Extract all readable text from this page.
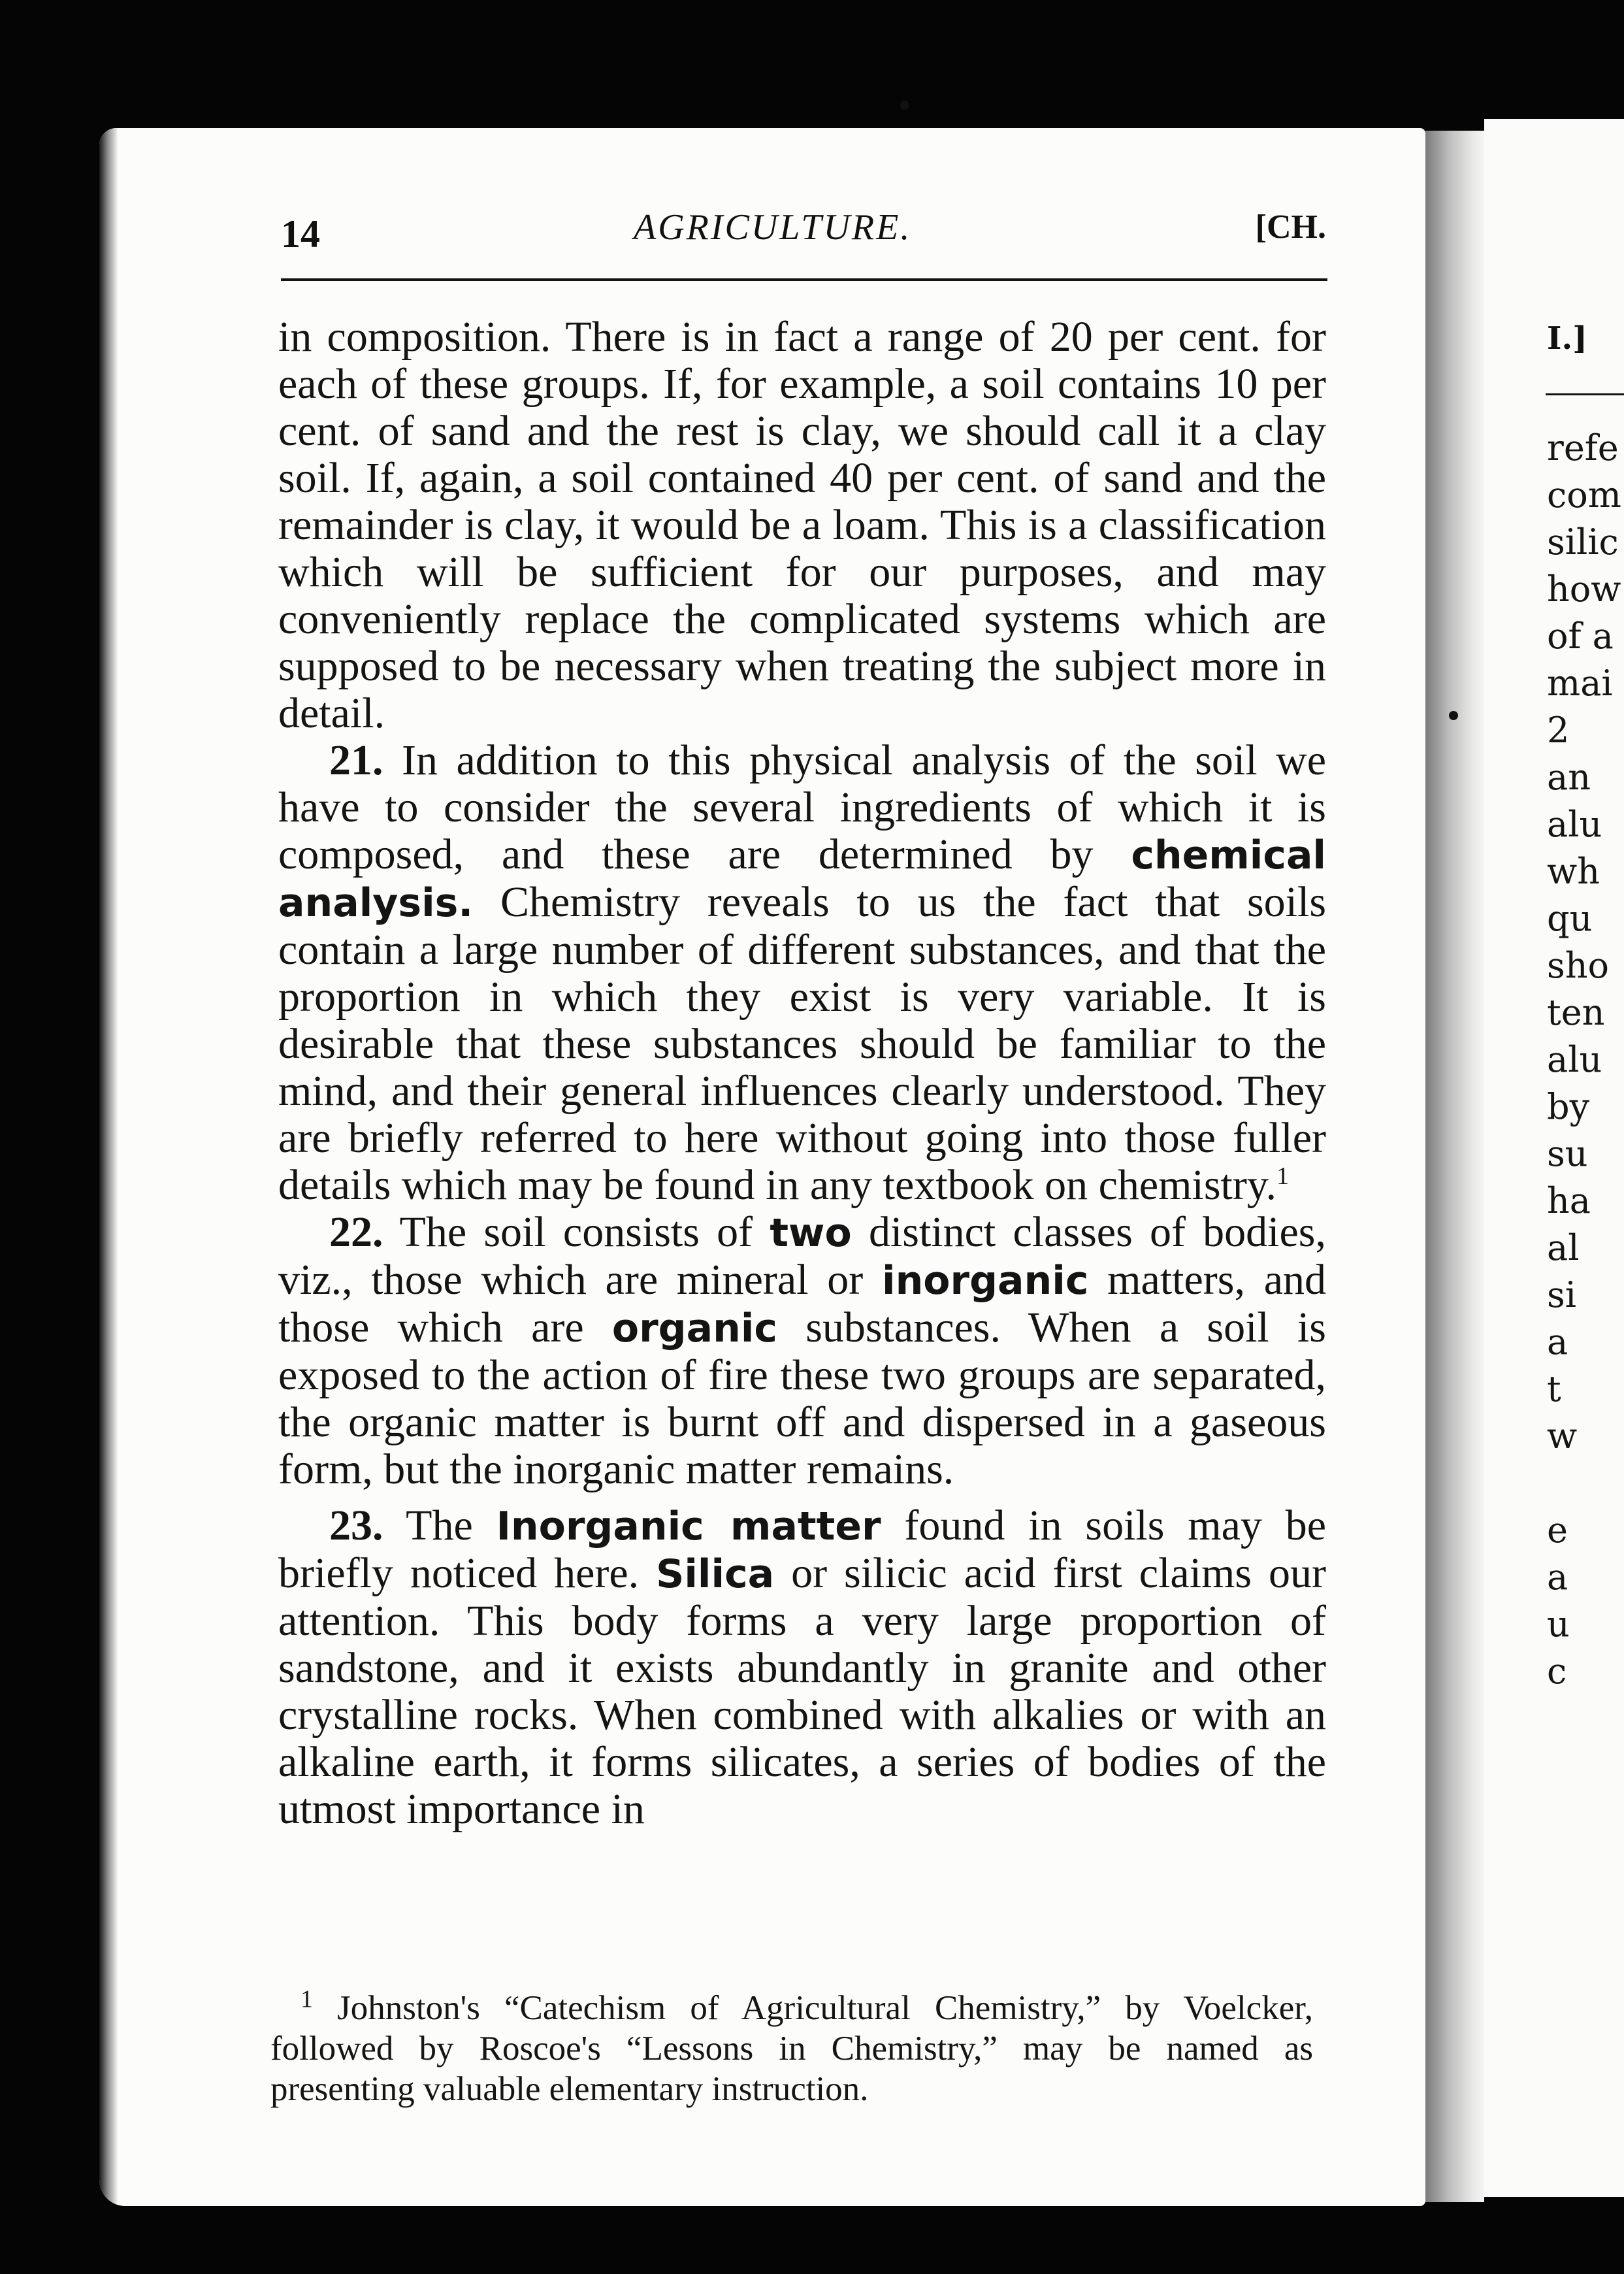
I.]
refe
com
silic
how
of a
mai
2
an
alu
wh
qu
sho
ten
alu
by
su
ha
al
si
a
t
w

e
a
u
c
14	AGRICULTURE.	[CH.

in composition. There is in fact a range of 20 per cent. for each of these groups. If, for example, a soil contains 10 per cent. of sand and the rest is clay, we should call it a clay soil. If, again, a soil contained 40 per cent. of sand and the remainder is clay, it would be a loam. This is a classification which will be sufficient for our purposes, and may conveniently replace the complicated systems which are supposed to be necessary when treating the subject more in detail.

21. In addition to this physical analysis of the soil we have to consider the several ingredients of which it is composed, and these are determined by chemical analysis. Chemistry reveals to us the fact that soils contain a large number of different substances, and that the proportion in which they exist is very variable. It is desirable that these substances should be familiar to the mind, and their general influences clearly understood. They are briefly referred to here without going into those fuller details which may be found in any textbook on chemistry.$^1$

22. The soil consists of two distinct classes of bodies, viz., those which are mineral or inorganic matters, and those which are organic substances. When a soil is exposed to the action of fire these two groups are separated, the organic matter is burnt off and dispersed in a gaseous form, but the inorganic matter remains.

23. The Inorganic matter found in soils may be briefly noticed here. Silica or silicic acid first claims our attention. This body forms a very large proportion of sandstone, and it exists abundantly in granite and other crystalline rocks. When combined with alkalies or with an alkaline earth, it forms silicates, a series of bodies of the utmost importance in

$^1$ Johnston's “Catechism of Agricultural Chemistry,” by Voelcker, followed by Roscoe's “Lessons in Chemistry,” may be named as presenting valuable elementary instruction.
